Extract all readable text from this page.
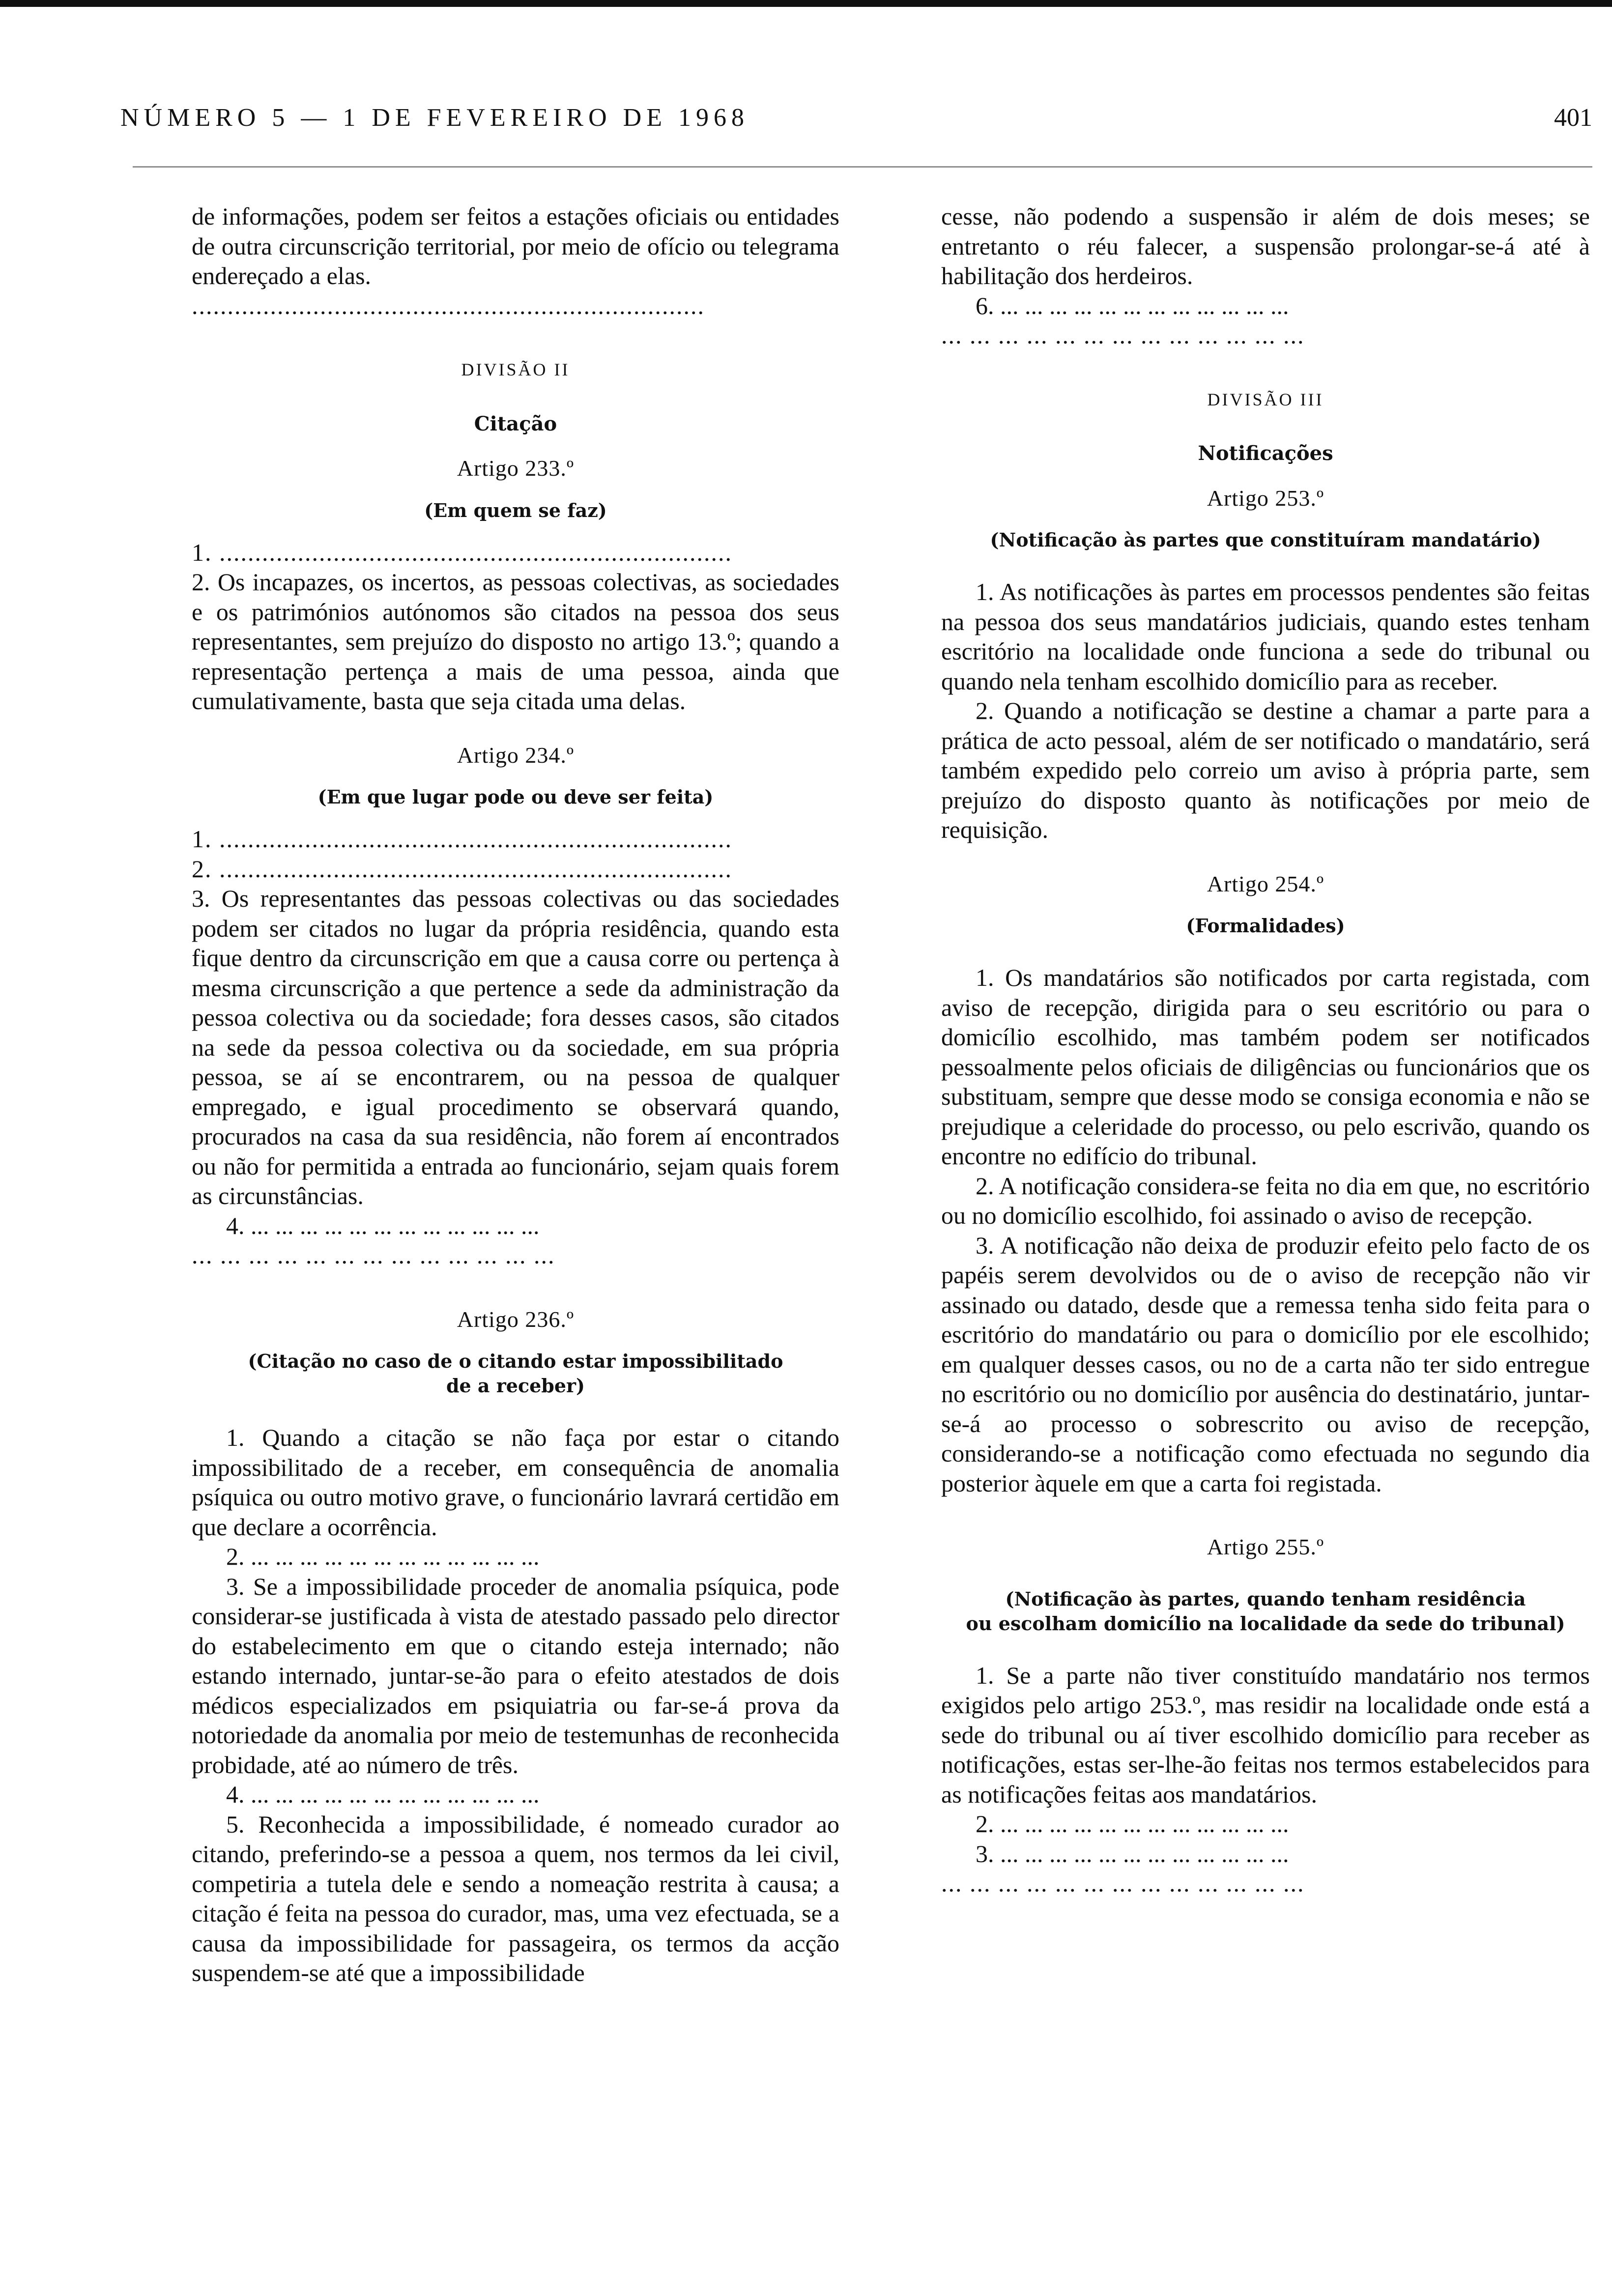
NÚMERO 5 — 1 DE FEVEREIRO DE 1968	401

de informações, podem ser feitos a estações oficiais ou entidades de outra circunscrição territorial, por meio de ofício ou telegrama endereçado a elas.

........................................................................

DIVISÃO II

Citação

Artigo 233.º

(Em quem se faz)

1. ........................................................................

2. Os incapazes, os incertos, as pessoas colectivas, as sociedades e os patrimónios autónomos são citados na pessoa dos seus representantes, sem prejuízo do disposto no artigo 13.º; quando a representação pertença a mais de uma pessoa, ainda que cumulativamente, basta que seja citada uma delas.

Artigo 234.º

(Em que lugar pode ou deve ser feita)

1. ........................................................................

2. ........................................................................

3. Os representantes das pessoas colectivas ou das sociedades podem ser citados no lugar da própria residência, quando esta fique dentro da circunscrição em que a causa corre ou pertença à mesma circunscrição a que pertence a sede da administração da pessoa colectiva ou da sociedade; fora desses casos, são citados na sede da pessoa colectiva ou da sociedade, em sua própria pessoa, se aí se encontrarem, ou na pessoa de qualquer empregado, e igual procedimento se observará quando, procurados na casa da sua residência, não forem aí encontrados ou não for permitida a entrada ao funcionário, sejam quais forem as circunstâncias.

4. ... ... ... ... ... ... ... ... ... ... ... ...

... ... ... ... ... ... ... ... ... ... ... ... ...

Artigo 236.º

(Citação no caso de o citando estar impossibilitado

de a receber)

1. Quando a citação se não faça por estar o citando impossibilitado de a receber, em consequência de anomalia psíquica ou outro motivo grave, o funcionário lavrará certidão em que declare a ocorrência.

2. ... ... ... ... ... ... ... ... ... ... ... ...

3. Se a impossibilidade proceder de anomalia psíquica, pode considerar-se justificada à vista de atestado passado pelo director do estabelecimento em que o citando esteja internado; não estando internado, juntar-se-ão para o efeito atestados de dois médicos especializados em psiquiatria ou far-se-á prova da notoriedade da anomalia por meio de testemunhas de reconhecida probidade, até ao número de três.

4. ... ... ... ... ... ... ... ... ... ... ... ...

5. Reconhecida a impossibilidade, é nomeado curador ao citando, preferindo-se a pessoa a quem, nos termos da lei civil, competiria a tutela dele e sendo a nomeação restrita à causa; a citação é feita na pessoa do curador, mas, uma vez efectuada, se a causa da impossibilidade for passageira, os termos da acção suspendem-se até que a impossibilidade

cesse, não podendo a suspensão ir além de dois meses; se entretanto o réu falecer, a suspensão prolongar-se-á até à habilitação dos herdeiros.

6. ... ... ... ... ... ... ... ... ... ... ... ...

... ... ... ... ... ... ... ... ... ... ... ... ...

DIVISÃO III

Notificações

Artigo 253.º

(Notificação às partes que constituíram mandatário)

1. As notificações às partes em processos pendentes são feitas na pessoa dos seus mandatários judiciais, quando estes tenham escritório na localidade onde funciona a sede do tribunal ou quando nela tenham escolhido domicílio para as receber.

2. Quando a notificação se destine a chamar a parte para a prática de acto pessoal, além de ser notificado o mandatário, será também expedido pelo correio um aviso à própria parte, sem prejuízo do disposto quanto às notificações por meio de requisição.

Artigo 254.º

(Formalidades)

1. Os mandatários são notificados por carta registada, com aviso de recepção, dirigida para o seu escritório ou para o domicílio escolhido, mas também podem ser notificados pessoalmente pelos oficiais de diligências ou funcionários que os substituam, sempre que desse modo se consiga economia e não se prejudique a celeridade do processo, ou pelo escrivão, quando os encontre no edifício do tribunal.

2. A notificação considera-se feita no dia em que, no escritório ou no domicílio escolhido, foi assinado o aviso de recepção.

3. A notificação não deixa de produzir efeito pelo facto de os papéis serem devolvidos ou de o aviso de recepção não vir assinado ou datado, desde que a remessa tenha sido feita para o escritório do mandatário ou para o domicílio por ele escolhido; em qualquer desses casos, ou no de a carta não ter sido entregue no escritório ou no domicílio por ausência do destinatário, juntar-se-á ao processo o sobrescrito ou aviso de recepção, considerando-se a notificação como efectuada no segundo dia posterior àquele em que a carta foi registada.

Artigo 255.º

(Notificação às partes, quando tenham residência

ou escolham domicílio na localidade da sede do tribunal)

1. Se a parte não tiver constituído mandatário nos termos exigidos pelo artigo 253.º, mas residir na localidade onde está a sede do tribunal ou aí tiver escolhido domicílio para receber as notificações, estas ser-lhe-ão feitas nos termos estabelecidos para as notificações feitas aos mandatários.

2. ... ... ... ... ... ... ... ... ... ... ... ...

3. ... ... ... ... ... ... ... ... ... ... ... ...

... ... ... ... ... ... ... ... ... ... ... ... ...
